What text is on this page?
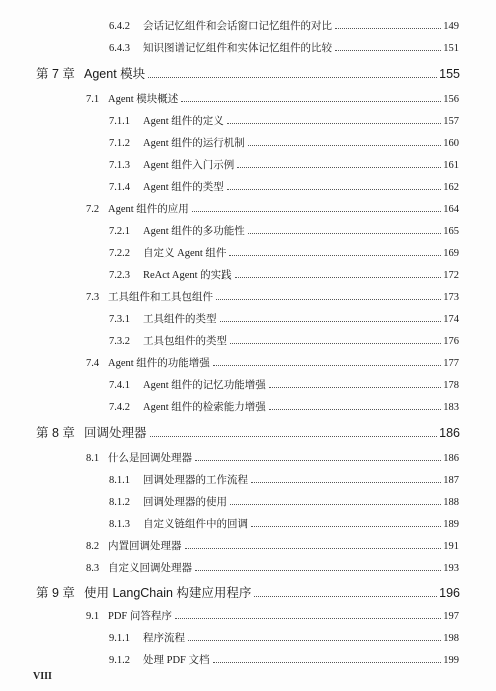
6.4.2	会话记忆组件和会话窗口记忆组件的对比	149
6.4.3	知识图谱记忆组件和实体记忆组件的比较	151
第 7 章 Agent 模块	155
7.1 Agent 模块概述	156
7.1.1	Agent 组件的定义	157
7.1.2	Agent 组件的运行机制	160
7.1.3	Agent 组件入门示例	161
7.1.4	Agent 组件的类型	162
7.2 Agent 组件的应用	164
7.2.1	Agent 组件的多功能性	165
7.2.2	自定义 Agent 组件	169
7.2.3	ReAct Agent 的实践	172
7.3 工具组件和工具包组件	173
7.3.1	工具组件的类型	174
7.3.2	工具包组件的类型	176
7.4 Agent 组件的功能增强	177
7.4.1	Agent 组件的记忆功能增强	178
7.4.2	Agent 组件的检索能力增强	183
第 8 章 回调处理器	186
8.1 什么是回调处理器	186
8.1.1	回调处理器的工作流程	187
8.1.2	回调处理器的使用	188
8.1.3	自定义链组件中的回调	189
8.2 内置回调处理器	191
8.3 自定义回调处理器	193
第 9 章 使用 LangChain 构建应用程序	196
9.1 PDF 问答程序	197
9.1.1	程序流程	198
9.1.2	处理 PDF 文档	199
VIII
